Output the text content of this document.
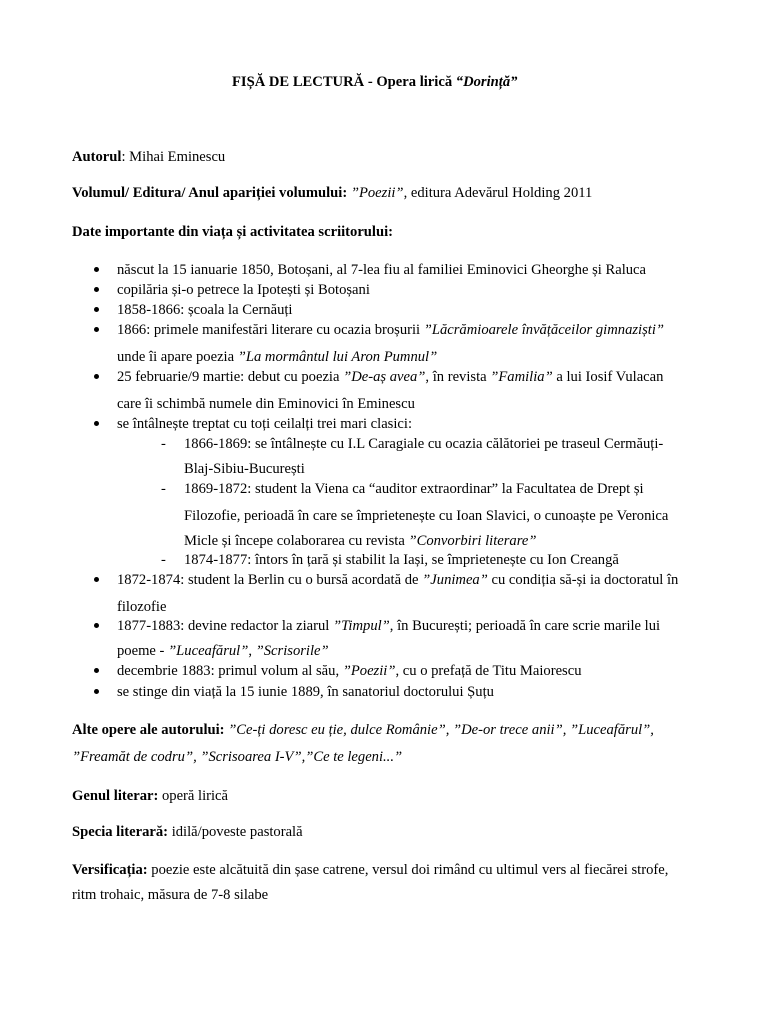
FIȘĂ DE LECTURĂ - Opera lirică “Dorință”
Autorul: Mihai Eminescu
Volumul/ Editura/ Anul apariției volumului: ”Poezii”, editura Adevărul Holding 2011
Date importante din viața și activitatea scriitorului:
născut la 15 ianuarie 1850, Botoșani, al 7-lea fiu al familiei Eminovici Gheorghe și Raluca
copilăria și-o petrece la Ipotești și Botoșani
1858-1866: școala la Cernăuți
1866: primele manifestări literare cu ocazia broșurii ”Lăcrămioarele învățăceilor gimnaziști”
unde îi apare poezia ”La mormântul lui Aron Pumnul”
25 februarie/9 martie: debut cu poezia ”De-aș avea”, în revista ”Familia” a lui Iosif Vulacan
care îi schimbă numele din Eminovici în Eminescu
se întâlnește treptat cu toți ceilalți trei mari clasici:
- 1866-1869: se întâlnește cu I.L Caragiale cu ocazia călătoriei pe traseul Cermăuți-
Blaj-Sibiu-București
- 1869-1872: student la Viena ca “auditor extraordinar” la Facultatea de Drept și
Filozofie, perioadă în care se împrietenește cu Ioan Slavici, o cunoaște pe Veronica
Micle și începe colaborarea cu revista ”Convorbiri literare”
- 1874-1877: întors în țară și stabilit la Iași, se împrietenește cu Ion Creangă
1872-1874: student la Berlin cu o bursă acordată de ”Junimea” cu condiția să-și ia doctoratul în
filozofie
1877-1883: devine redactor la ziarul ”Timpul”, în București; perioadă în care scrie marile lui
poeme - ”Luceafărul”, ”Scrisorile”
decembrie 1883: primul volum al său, ”Poezii”, cu o prefață de Titu Maiorescu
se stinge din viață la 15 iunie 1889, în sanatoriul doctorului Șuțu
Alte opere ale autorului: ”Ce-ți doresc eu ție, dulce Românie”, ”De-or trece anii”, ”Luceafărul”,
”Freamăt de codru”, ”Scrisoarea I-V”,”Ce te legeni...”
Genul literar: operă lirică
Specia literară: idilă/poveste pastorală
Versificația: poezie este alcătuită din șase catrene, versul doi rimând cu ultimul vers al fiecărei strofe,
ritm trohaic, măsura de 7-8 silabe
